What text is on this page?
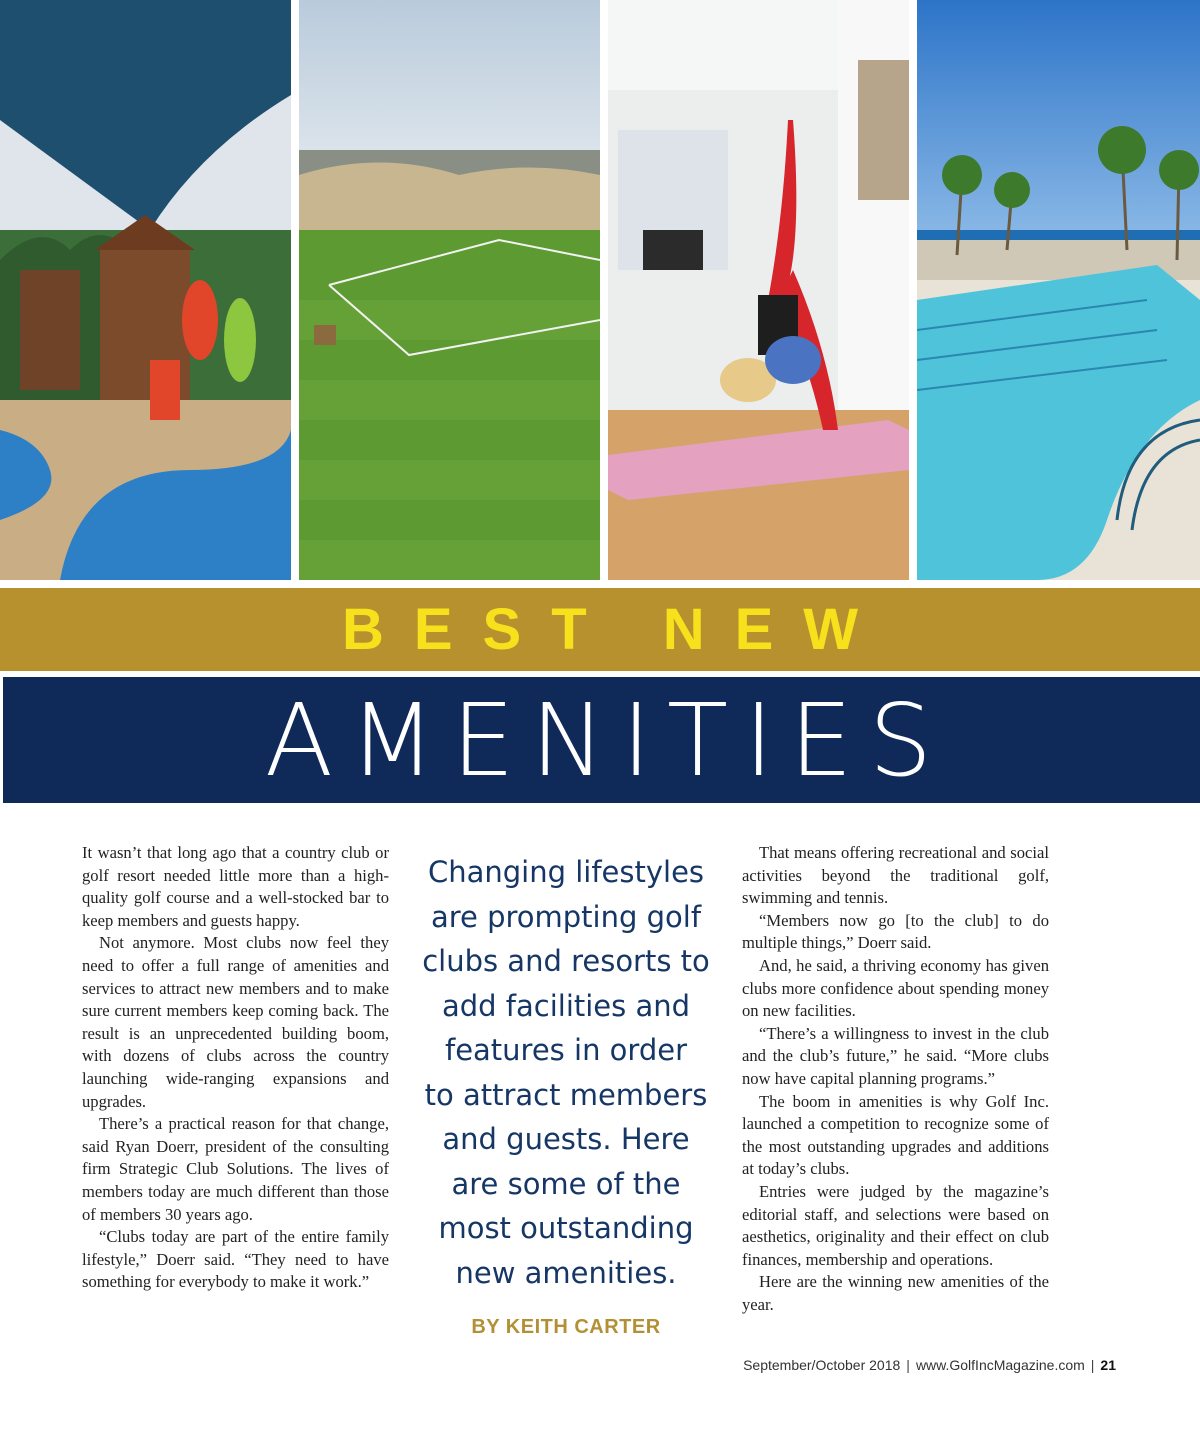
BEST NEW
AMENITIES

It wasn’t that long ago that a country club or golf resort needed little more than a high-quality golf course and a well-stocked bar to keep members and guests happy.

Not anymore. Most clubs now feel they need to offer a full range of amenities and services to attract new members and to make sure current members keep coming back. The result is an unprecedented building boom, with dozens of clubs across the country launching wide-ranging expansions and upgrades.

There’s a practical reason for that change, said Ryan Doerr, president of the consulting firm Strategic Club Solutions. The lives of members today are much different than those of members 30 years ago.

“Clubs today are part of the entire family lifestyle,” Doerr said. “They need to have something for everybody to make it work.”

Changing lifestyles
are prompting golf
clubs and resorts to
add facilities and
features in order
to attract members
and guests. Here
are some of the
most outstanding
new amenities.
BY KEITH CARTER

That means offering recreational and social activities beyond the traditional golf, swimming and tennis.

“Members now go [to the club] to do multiple things,” Doerr said.

And, he said, a thriving economy has given clubs more confidence about spending money on new facilities.

“There’s a willingness to invest in the club and the club’s future,” he said. “More clubs now have capital planning programs.”

The boom in amenities is why Golf Inc. launched a competition to recognize some of the most outstanding upgrades and additions at today’s clubs.

Entries were judged by the magazine’s editorial staff, and selections were based on aesthetics, originality and their effect on club finances, membership and operations.

Here are the winning new amenities of the year.

September/October 2018 | www.GolfIncMagazine.com | 21
